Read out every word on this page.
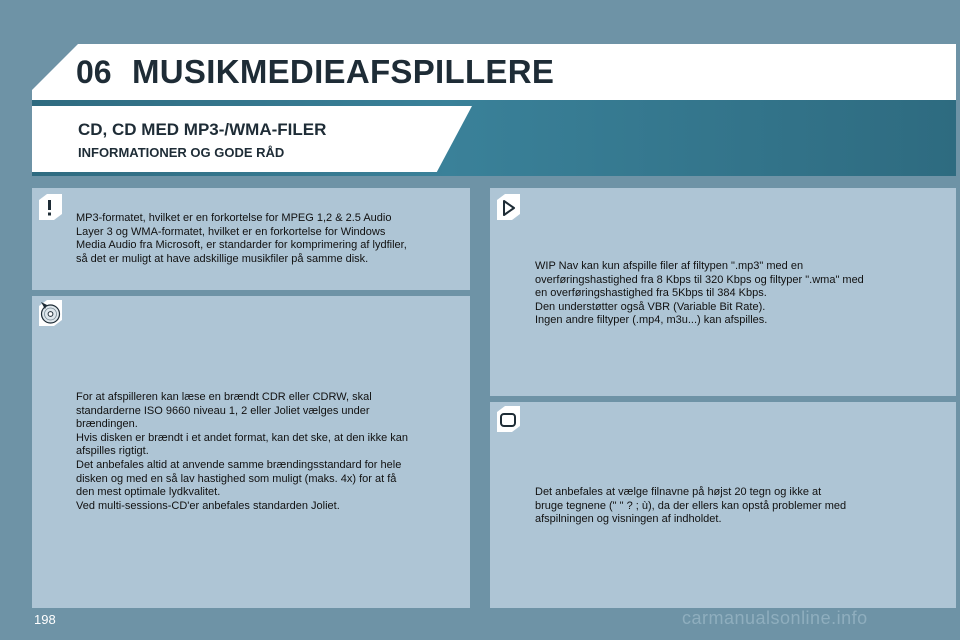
06 MUSIKMEDIEAFSPILLERE
CD, CD MED MP3-/WMA-FILER
INFORMATIONER OG GODE RÅD
MP3-formatet, hvilket er en forkortelse for MPEG 1,2 & 2.5 Audio
Layer 3 og WMA-formatet, hvilket er en forkortelse for Windows
Media Audio fra Microsoft, er standarder for komprimering af lydfiler,
så det er muligt at have adskillige musikfiler på samme disk.
For at afspilleren kan læse en brændt CDR eller CDRW, skal
standarderne ISO 9660 niveau 1, 2 eller Joliet vælges under
brændingen.
Hvis disken er brændt i et andet format, kan det ske, at den ikke kan
afspilles rigtigt.
Det anbefales altid at anvende samme brændingsstandard for hele
disken og med en så lav hastighed som muligt (maks. 4x) for at få
den mest optimale lydkvalitet.
Ved multi-sessions-CD'er anbefales standarden Joliet.
WIP Nav kan kun afspille filer af filtypen ".mp3" med en
overføringshastighed fra 8 Kbps til 320 Kbps og filtyper ".wma" med
en overføringshastighed fra 5Kbps til 384 Kbps.
Den understøtter også VBR (Variable Bit Rate).
Ingen andre filtyper (.mp4, m3u...) kan afspilles.
Det anbefales at vælge filnavne på højst 20 tegn og ikke at
bruge tegnene (" " ? ; ù), da der ellers kan opstå problemer med
afspilningen og visningen af indholdet.
198	carmanualsonline.info
